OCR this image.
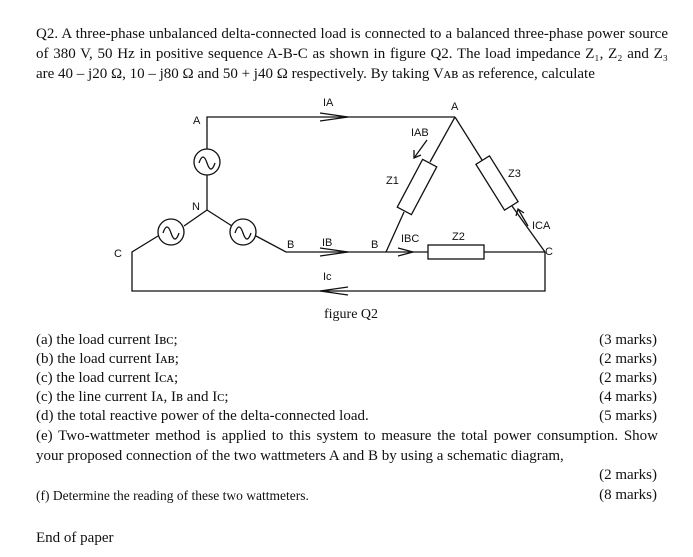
Q2. A three-phase unbalanced delta-connected load is connected to a balanced three-phase power source of 380 V, 50 Hz in positive sequence A-B-C as shown in figure Q2. The load impedance Z₁, Z₂ and Z₃ are 40 – j20 Ω, 10 – j80 Ω and 50 + j40 Ω respectively. By taking Vᴀʙ as reference, calculate

A
N
C
B
A
B
C
IA
IB
Ic
IAB
IBC
ICA
Z1
Z2
Z3
figure Q2
(a) the load current Iʙᴄ;	(3 marks)
(b) the load current Iᴀʙ;	(2 marks)
(c) the load current Iᴄᴀ;	(2 marks)
(c) the line current Iᴀ, Iʙ and Iᴄ;	(4 marks)
(d) the total reactive power of the delta-connected load.	(5 marks)
(e) Two-wattmeter method is applied to this system to measure the total power consumption. Show your proposed connection of the two wattmeters A and B by using a schematic diagram,
(2 marks)
(f) Determine the reading of these two wattmeters.	(8 marks)
End of paper
